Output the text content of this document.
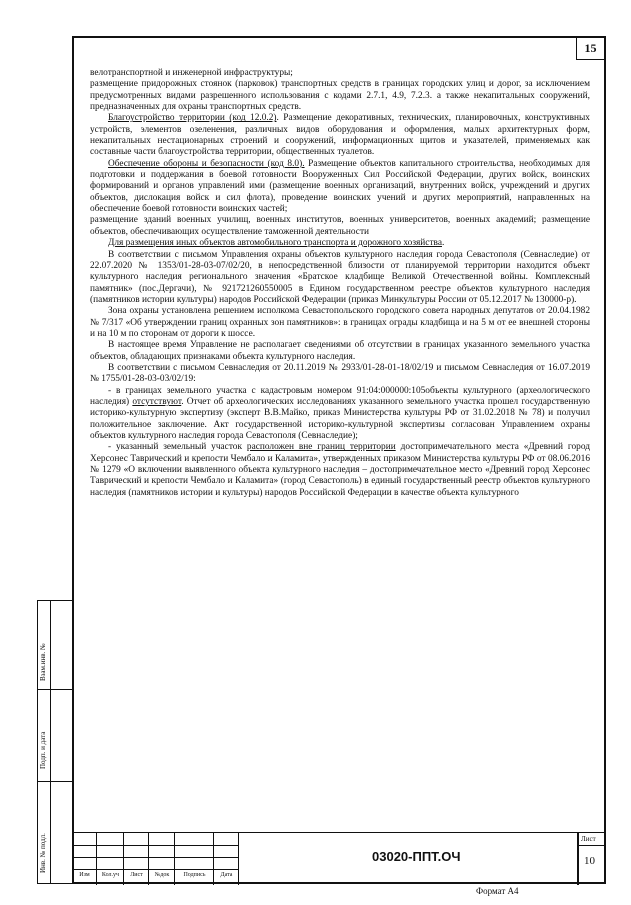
15

велотранспортной и инженерной инфраструктуры;

размещение придорожных стоянок (парковок) транспортных средств в границах городских улиц и дорог, за исключением предусмотренных видами разрешенного использования с кодами 2.7.1, 4.9, 7.2.3. а также некапитальных сооружений, предназначенных для охраны транспортных средств.

Благоустройство территории (код 12.0.2). Размещение декоративных, технических, планировочных, конструктивных устройств, элементов озеленения, различных видов оборудования и оформления, малых архитектурных форм, некапитальных нестационарных строений и сооружений, информационных щитов и указателей, применяемых как составные части благоустройства территории, общественных туалетов.

Обеспечение обороны и безопасности (код 8.0). Размещение объектов капитального строительства, необходимых для подготовки и поддержания в боевой готовности Вооруженных Сил Российской Федерации, других войск, воинских формирований и органов управлений ими (размещение военных организаций, внутренних войск, учреждений и других объектов, дислокация войск и сил флота), проведение воинских учений и других мероприятий, направленных на обеспечение боевой готовности воинских частей;

размещение зданий военных училищ, военных институтов, военных университетов, военных академий; размещение объектов, обеспечивающих осуществление таможенной деятельности

Для размещения иных объектов автомобильного транспорта и дорожного хозяйства.

В соответствии с письмом Управления охраны объектов культурного наследия города Севастополя (Севнаследие) от 22.07.2020 № 1353/01-28-03-07/02/20, в непосредственной близости от планируемой территории находится объект культурного наследия регионального значения «Братское кладбище Великой Отечественной войны. Комплексный памятник» (пос.Дергачи), № 921721260550005 в Едином государственном реестре объектов культурного наследия (памятников истории культуры) народов Российской Федерации (приказ Минкультуры России от 05.12.2017 № 130000-р).

Зона охраны установлена решением исполкома Севастопольского городского совета народных депутатов от 20.04.1982 № 7/317 «Об утверждении границ охранных зон памятников»: в границах ограды кладбища и на 5 м от ее внешней стороны и на 10 м по сторонам от дороги к шоссе.

В настоящее время Управление не располагает сведениями об отсутствии в границах указанного земельного участка объектов, обладающих признаками объекта культурного наследия.

В соответствии с письмом Севнаследия от 20.11.2019 № 2933/01-28-01-18/02/19 и письмом Севнаследия от 16.07.2019 № 1755/01-28-03-03/02/19:

- в границах земельного участка с кадастровым номером 91:04:000000:105объекты культурного (археологического наследия) отсутствуют. Отчет об археологических исследованиях указанного земельного участка прошел государственную историко-культурную экспертизу (эксперт В.В.Майко, приказ Министерства культуры РФ от 31.02.2018 № 78) и получил положительное заключение. Акт государственной историко-культурной экспертизы согласован Управлением охраны объектов культурного наследия города Севастополя (Севнаследие);

- указанный земельный участок расположен вне границ территории достопримечательного места «Древний город Херсонес Таврический и крепости Чембало и Каламита», утвержденных приказом Министерства культуры РФ от 08.06.2016 № 1279 «О включении выявленного объекта культурного наследия – достопримечательное место «Древний город Херсонес Таврический и крепости Чембало и Каламита» (город Севастополь) в единый государственный реестр объектов культурного наследия (памятников истории и культуры) народов Российской Федерации в качестве объекта культурного

Взам.инв. №
Подп. и дата
Инв. № подл.
Изм	Кол.уч	Лист	№док	Подпись	Дата
03020-ППТ.ОЧ
Лист
10
Формат А4
